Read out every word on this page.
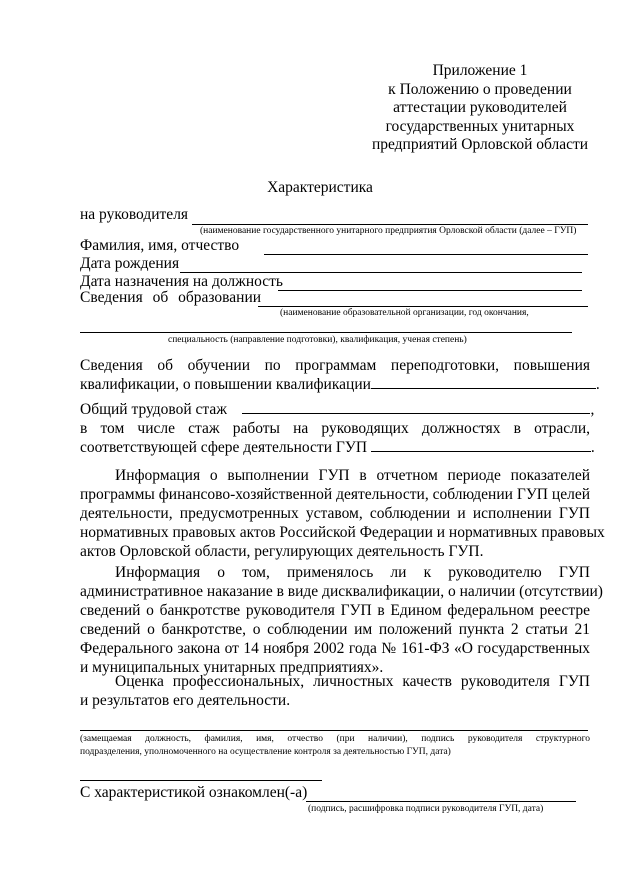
Приложение 1
к Положению о проведении
аттестации руководителей
государственных унитарных
предприятий Орловской области
Характеристика
на руководителя
(наименование государственного унитарного предприятия Орловской области (далее – ГУП)
Фамилия, имя, отчество
Дата рождения
Дата назначения на должность
Сведения об образовании
(наименование образовательной организации, год окончания,
специальность (направление подготовки), квалификация, ученая степень)
Сведения об обучении по программам переподготовки, повышения
квалификации, о повышении квалификации	.
Общий трудовой стаж	,
в том числе стаж работы на руководящих должностях в отрасли,
соответствующей сфере деятельности ГУП	.
Информация о выполнении ГУП в отчетном периоде показателей
программы финансово-хозяйственной деятельности, соблюдении ГУП целей
деятельности, предусмотренных уставом, соблюдении и исполнении ГУП
нормативных правовых актов Российской Федерации и нормативных правовых
актов Орловской области, регулирующих деятельность ГУП.
Информация о том, применялось ли к руководителю ГУП
административное наказание в виде дисквалификации, о наличии (отсутствии)
сведений о банкротстве руководителя ГУП в Едином федеральном реестре
сведений о банкротстве, о соблюдении им положений пункта 2 статьи 21
Федерального закона от 14 ноября 2002 года № 161-ФЗ «О государственных
и муниципальных унитарных предприятиях».
Оценка профессиональных, личностных качеств руководителя ГУП
и результатов его деятельности.
(замещаемая должность, фамилия, имя, отчество (при наличии), подпись руководителя структурного
подразделения, уполномоченного на осуществление контроля за деятельностью ГУП, дата)
С характеристикой ознакомлен(-а)
(подпись, расшифровка подписи руководителя ГУП, дата)
